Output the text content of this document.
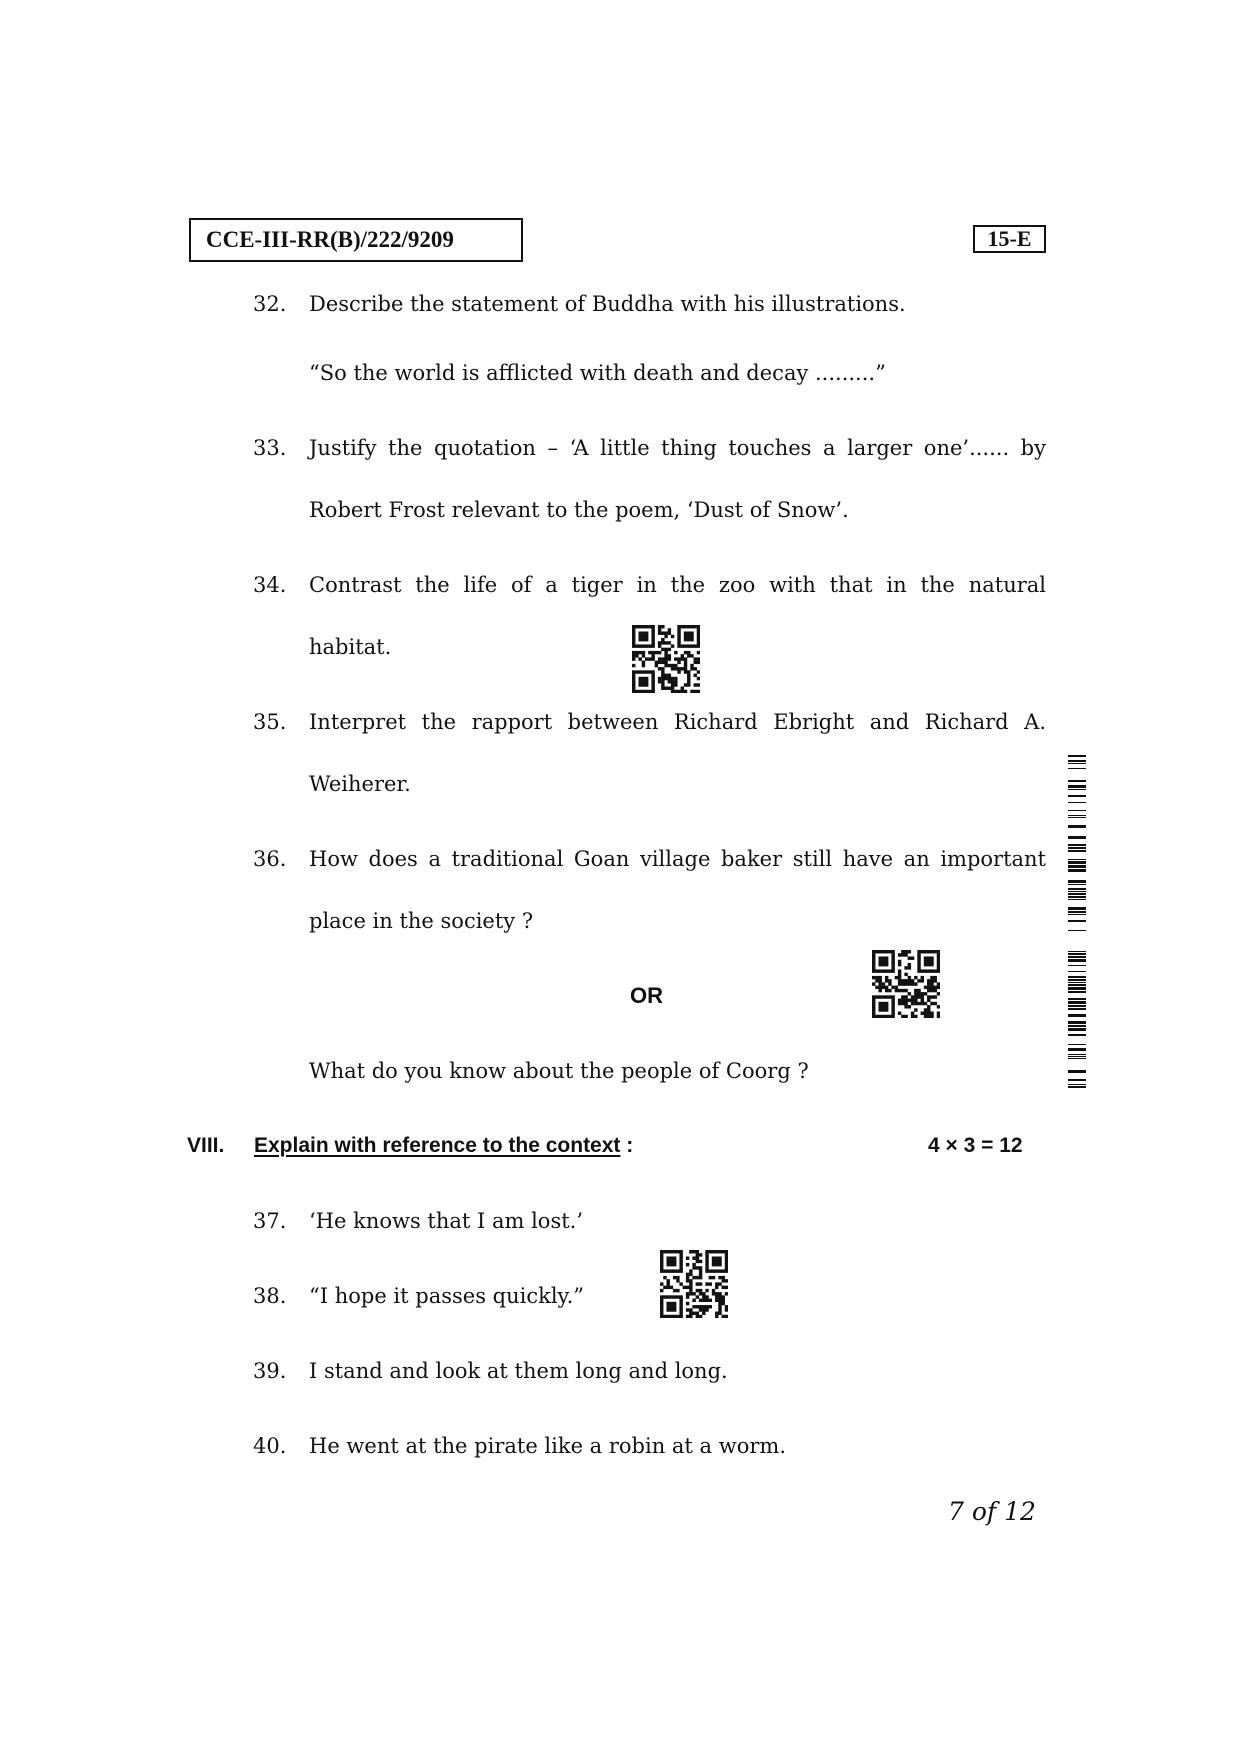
CCE-III-RR(B)/222/9209	15-E
32. Describe the statement of Buddha with his illustrations.
“So the world is afflicted with death and decay .........”
33. Justify the quotation – ‘A little thing touches a larger one’...... by
Robert Frost relevant to the poem, ‘Dust of Snow’.
34. Contrast the life of a tiger in the zoo with that in the natural
habitat.
35. Interpret the rapport between Richard Ebright and Richard A.
Weiherer.
36. How does a traditional Goan village baker still have an important
place in the society ?
OR
What do you know about the people of Coorg ?
VIII. Explain with reference to the context :	4 × 3 = 12
37. ‘He knows that I am lost.’
38. “I hope it passes quickly.”
39. I stand and look at them long and long.
40. He went at the pirate like a robin at a worm.
7 of 12
